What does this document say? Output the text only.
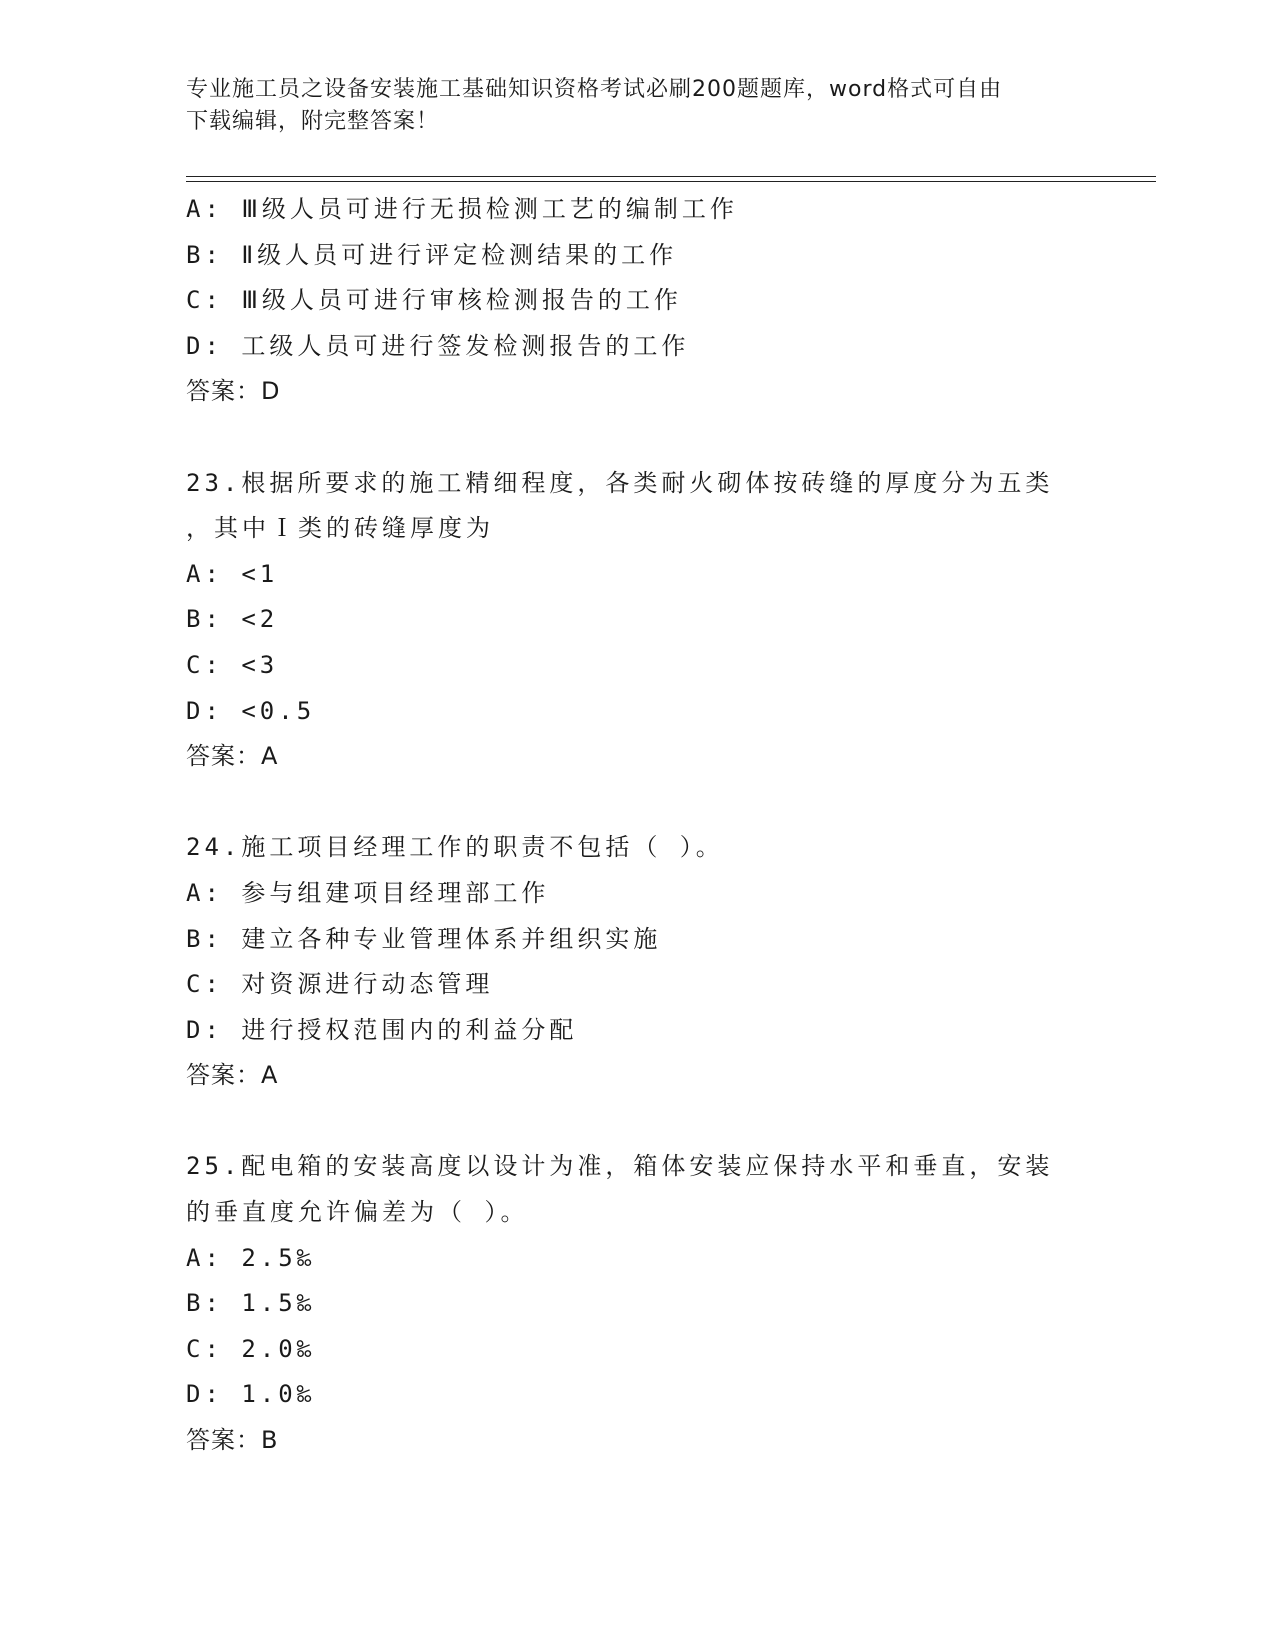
专业施工员之设备安装施工基础知识资格考试必刷200题题库，word格式可自由
下载编辑，附完整答案！
A: Ⅲ级人员可进行无损检测工艺的编制工作
B: Ⅱ级人员可进行评定检测结果的工作
C: Ⅲ级人员可进行审核检测报告的工作
D: 工级人员可进行签发检测报告的工作
答案：D
23.根据所要求的施工精细程度，各类耐火砌体按砖缝的厚度分为五类
，其中Ｉ类的砖缝厚度为
A: <1
B: <2
C: <3
D: <0.5
答案：A
24.施工项目经理工作的职责不包括（ ）。
A: 参与组建项目经理部工作
B: 建立各种专业管理体系并组织实施
C: 对资源进行动态管理
D: 进行授权范围内的利益分配
答案：A
25.配电箱的安装高度以设计为准，箱体安装应保持水平和垂直，安装
的垂直度允许偏差为（ ）。
A: 2.5‰
B: 1.5‰
C: 2.0‰
D: 1.0‰
答案：B
